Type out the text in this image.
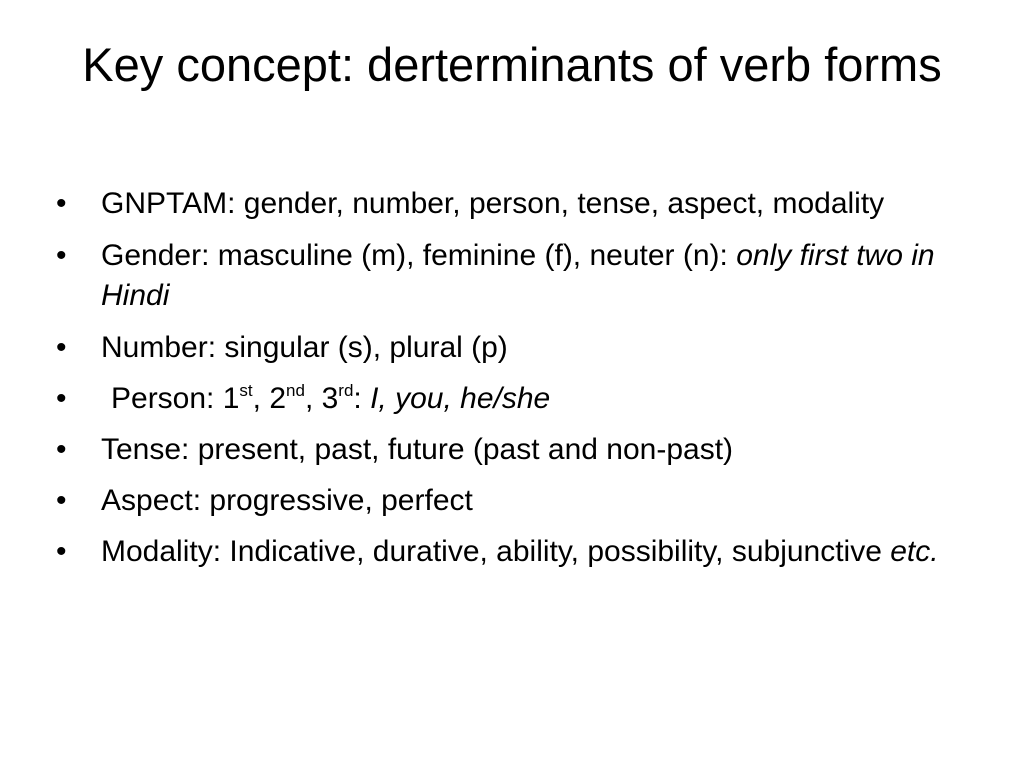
Key concept: derterminants of verb forms
• GNPTAM: gender, number, person, tense, aspect, modality
• Gender: masculine (m), feminine (f), neuter (n): only first two in Hindi
• Number: singular (s), plural (p)
• Person: 1st, 2nd, 3rd: I, you, he/she
• Tense: present, past, future (past and non-past)
• Aspect: progressive, perfect
• Modality: Indicative, durative, ability, possibility, subjunctive etc.
